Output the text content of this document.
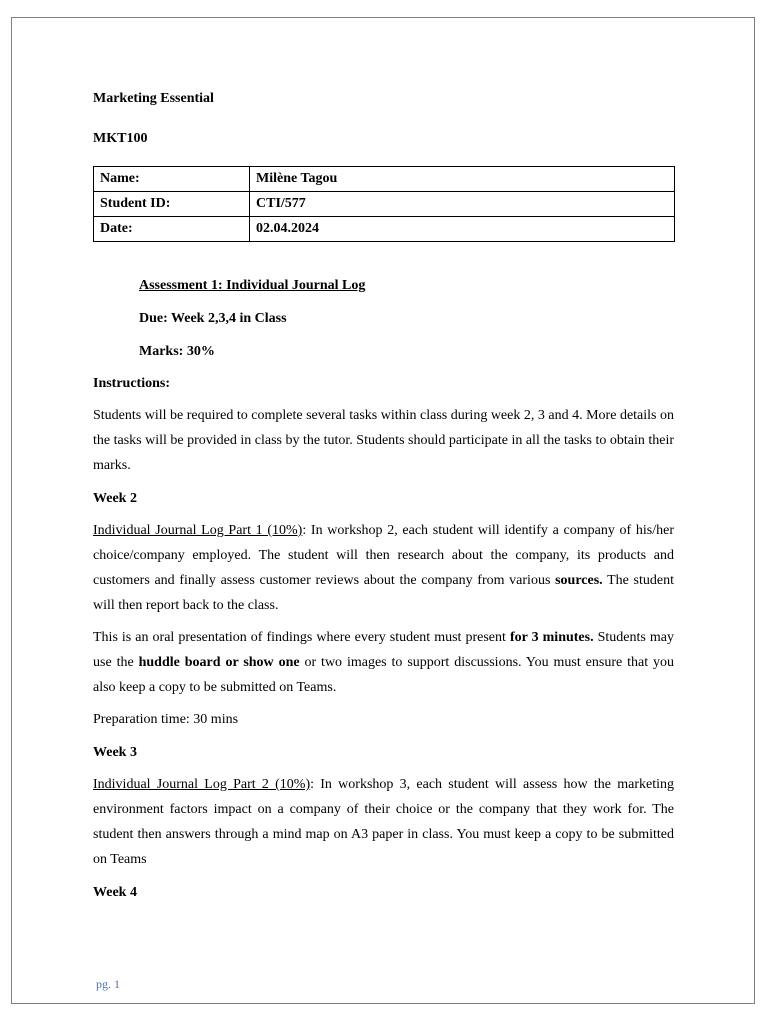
Marketing Essential

MKT100

Name:	Milène Tagou
Student ID:	CTI/577
Date:	02.04.2024

Assessment 1: Individual Journal Log

Due: Week 2,3,4 in Class

Marks: 30%

Instructions:

Students will be required to complete several tasks within class during week 2, 3 and 4. More details on the tasks will be provided in class by the tutor. Students should participate in all the tasks to obtain their marks.

Week 2

Individual Journal Log Part 1 (10%): In workshop 2, each student will identify a company of his/her choice/company employed. The student will then research about the company, its products and customers and finally assess customer reviews about the company from various sources. The student will then report back to the class.

This is an oral presentation of findings where every student must present for 3 minutes. Students may use the huddle board or show one or two images to support discussions. You must ensure that you also keep a copy to be submitted on Teams.

Preparation time: 30 mins

Week 3

Individual Journal Log Part 2 (10%): In workshop 3, each student will assess how the marketing environment factors impact on a company of their choice or the company that they work for. The student then answers through a mind map on A3 paper in class. You must keep a copy to be submitted on Teams

Week 4

pg. 1
